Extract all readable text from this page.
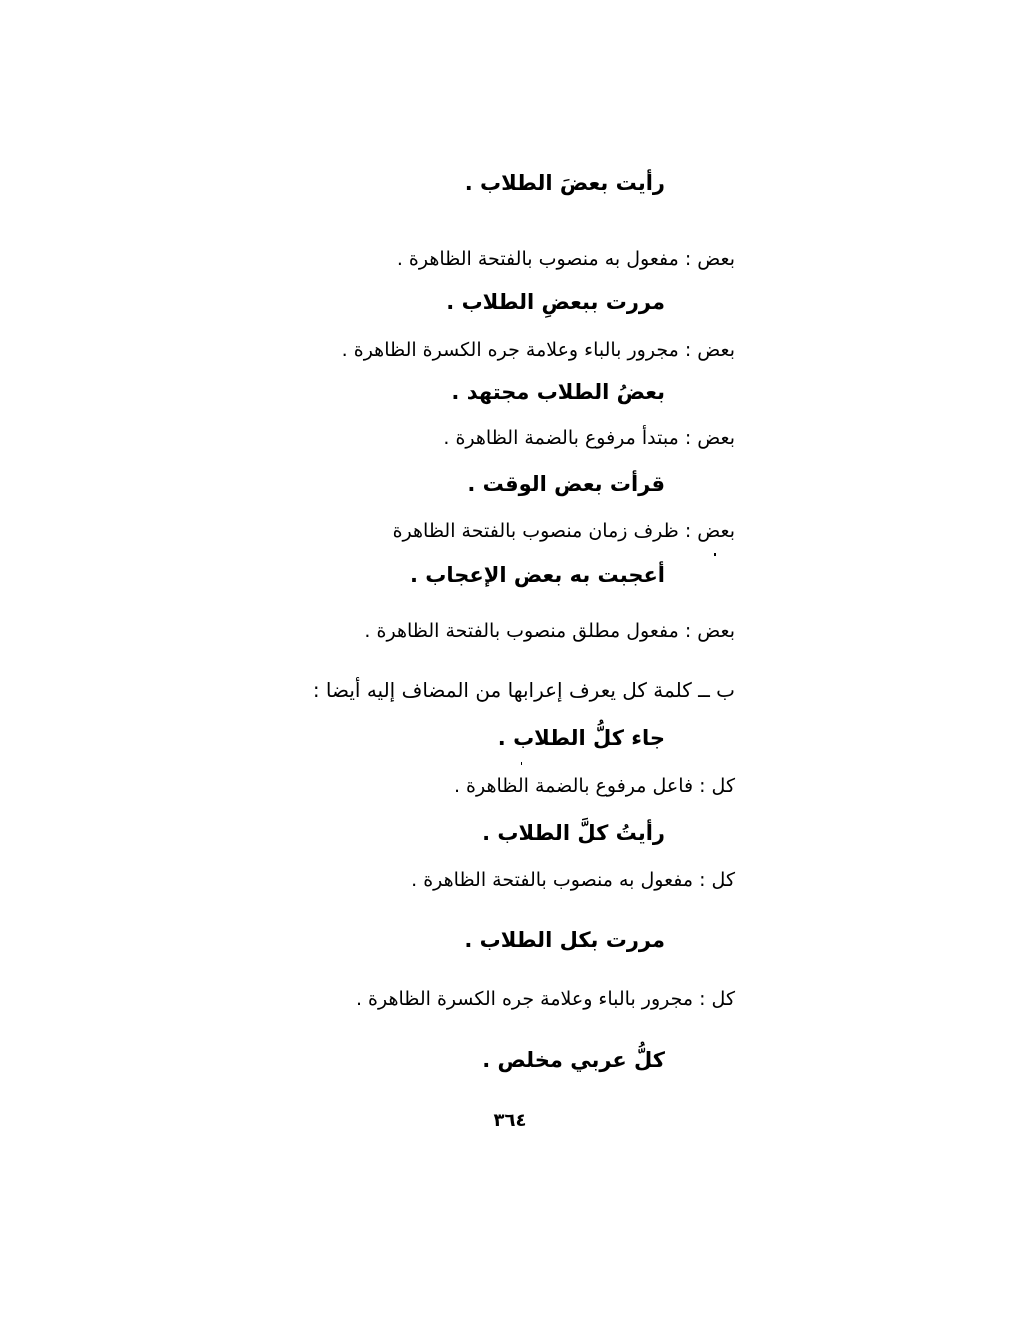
رأيت بعضَ الطلاب .
بعض : مفعول به منصوب بالفتحة الظاهرة .
مررت ببعضِ الطلاب .
بعض : مجرور بالباء وعلامة جره الكسرة الظاهرة .
بعضُ الطلاب مجتهد .
بعض : مبتدأ مرفوع بالضمة الظاهرة .
قرأت بعض الوقت .
بعض : ظرف زمان منصوب بالفتحة الظاهرة
أعجبت به بعض الإعجاب .
بعض : مفعول مطلق منصوب بالفتحة الظاهرة .
ب ــ كلمة كل يعرف إعرابها من المضاف إليه أيضا :
جاء كلُّ الطلاب .
كل : فاعل مرفوع بالضمة الظاهرة .
رأيتُ كلَّ الطلاب .
كل : مفعول به منصوب بالفتحة الظاهرة .
مررت بكل الطلاب .
كل : مجرور بالباء وعلامة جره الكسرة الظاهرة .
كلُّ عربي مخلص .
٣٦٤
